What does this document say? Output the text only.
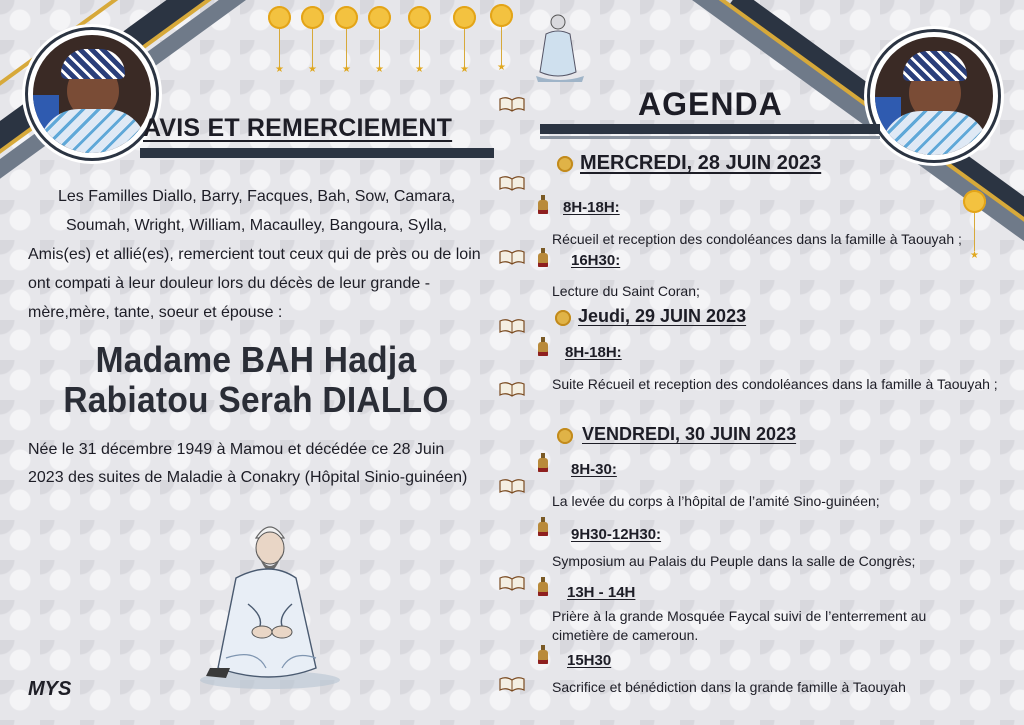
★ ★	★ ★	★	★	★
★
AVIS ET REMERCIEMENT
Les Familles Diallo, Barry, Facques, Bah, Sow, Camara,
Soumah, Wright, William, Macaulley, Bangoura, Sylla,
Amis(es) et allié(es), remercient tout ceux qui de près ou de loin
ont compati à leur douleur lors du décès de leur grande -
mère,mère, tante, soeur et épouse :
Madame BAH Hadja
Rabiatou Serah DIALLO
Née le 31 décembre 1949 à Mamou et décédée ce 28 Juin
2023 des suites de Maladie à Conakry (Hôpital Sinio-guinéen)
MYS
AGENDA
MERCREDI, 28 JUIN 2023
8H-18H:
Récueil et reception des condoléances dans la famille à Taouyah ;
16H30:
Lecture du Saint Coran;
Jeudi, 29 JUIN 2023
8H-18H:
Suite Récueil et reception des condoléances dans la famille à Taouyah ;
VENDREDI, 30 JUIN 2023
8H-30:
La levée du corps à l’hôpital de l’amité Sino-guinéen;
9H30-12H30:
Symposium au Palais du Peuple dans la salle de Congrès;
13H - 14H
Prière à la grande Mosquée Faycal suivi de l’enterrement au cimetière de cameroun.
15H30
Sacrifice et bénédiction dans la grande famille à Taouyah
